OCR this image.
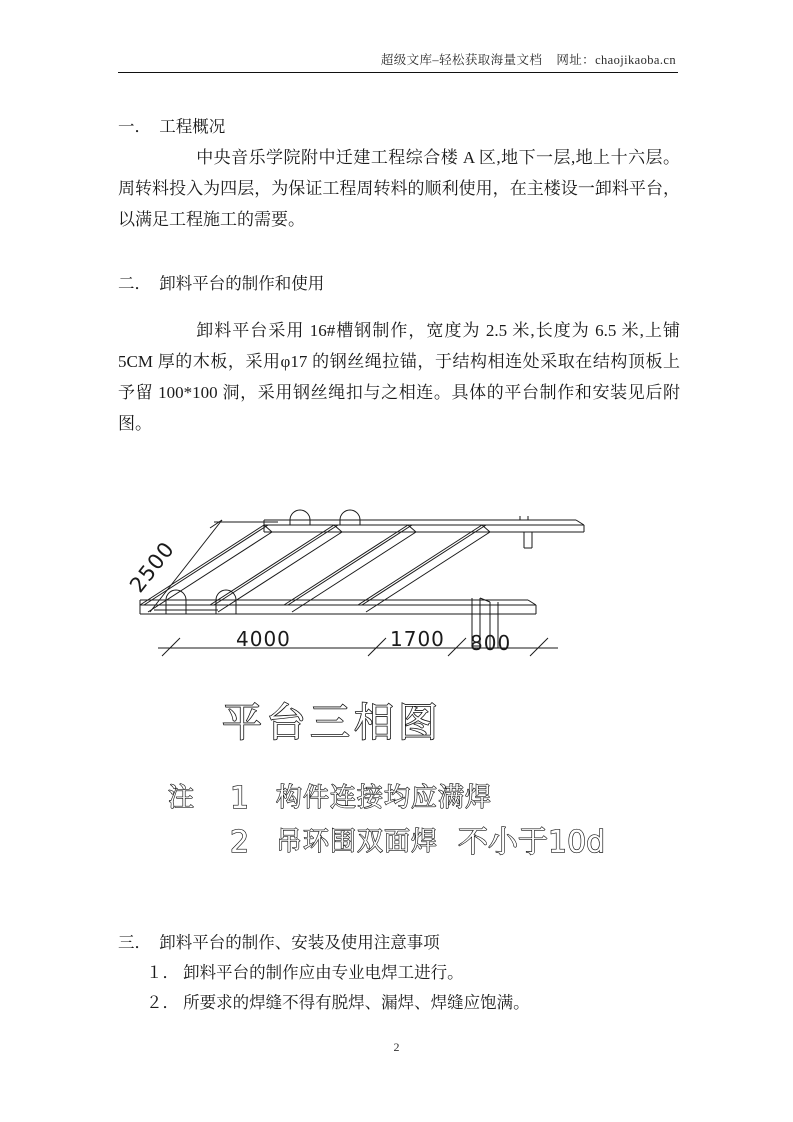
超级文库–轻松获取海量文档    网址：chaojikaoba.cn
一．  工程概况

中央音乐学院附中迁建工程综合楼 A 区,地下一层,地上十六层。周转料投入为四层，为保证工程周转料的顺利使用，在主楼设一卸料平台，以满足工程施工的需要。

二．  卸料平台的制作和使用

卸料平台采用 16#槽钢制作，宽度为 2.5 米,长度为 6.5 米,上铺 5CM 厚的木板，采用φ17 的钢丝绳拉锚，于结构相连处采取在结构顶板上予留 100*100 洞，采用钢丝绳扣与之相连。具体的平台制作和安装见后附图。

2500
4000	1700 800
平台三相图
注 1 构件连接均应满焊
2 吊环围双面焊 不小于10d
三．  卸料平台的制作、安装及使用注意事项
１． 卸料平台的制作应由专业电焊工进行。
２． 所要求的焊缝不得有脱焊、漏焊、焊缝应饱满。
2
